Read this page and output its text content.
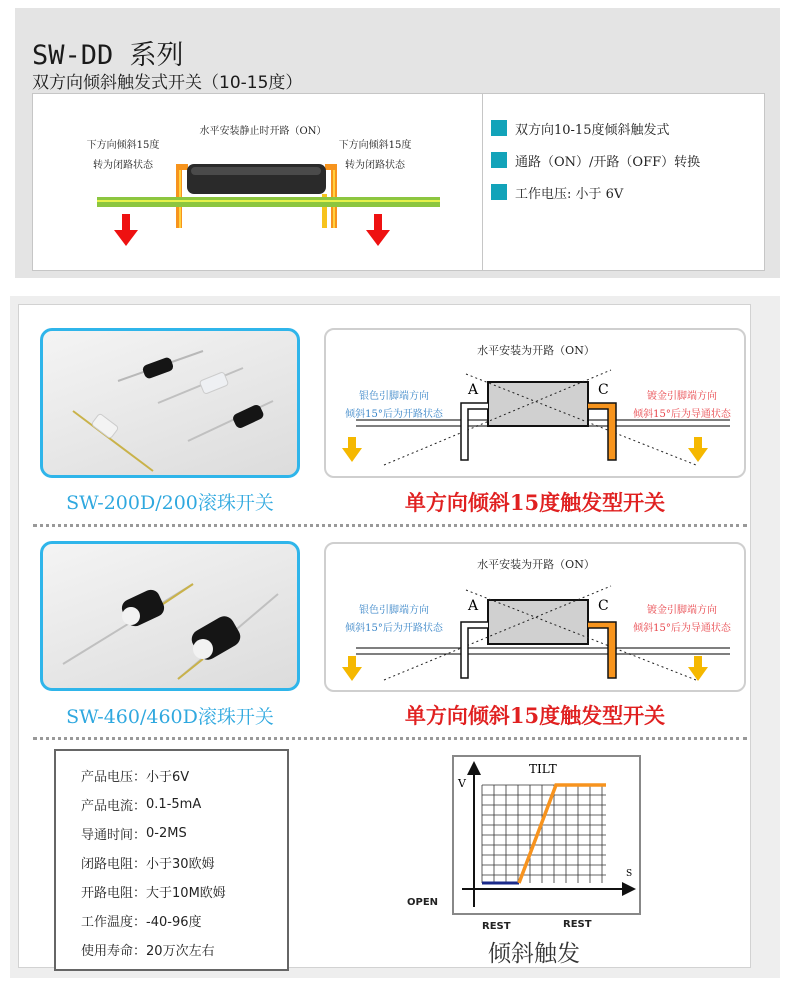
SW-DD 系列
双方向倾斜触发式开关（10-15度）
水平安装静止时开路（ON）
下方向倾斜15度
转为闭路状态
下方向倾斜15度
转为闭路状态
双方向10-15度倾斜触发式
通路（ON）/开路（OFF）转换
工作电压: 小于 6V
SW-200D/200滚珠开关
水平安装为开路（ON）
A	C
银色引脚端方向
倾斜15°后为开路状态
镀金引脚端方向
倾斜15°后为导通状态
单方向倾斜15度触发型开关
SW-460/460D滚珠开关
水平安装为开路（ON）
A	C
银色引脚端方向
倾斜15°后为开路状态
镀金引脚端方向
倾斜15°后为导通状态
单方向倾斜15度触发型开关
产品电压 ： 小于6V
产品电流 ： 0.1-5mA
导通时间 ： 0-2MS
闭路电阻 ： 小于30欧姆
开路电阻 ： 大于10M欧姆
工作温度 ： -40-96度
使用寿命 ： 20万次左右
TILT
V
S
OPEN
REST	REST
倾斜触发
